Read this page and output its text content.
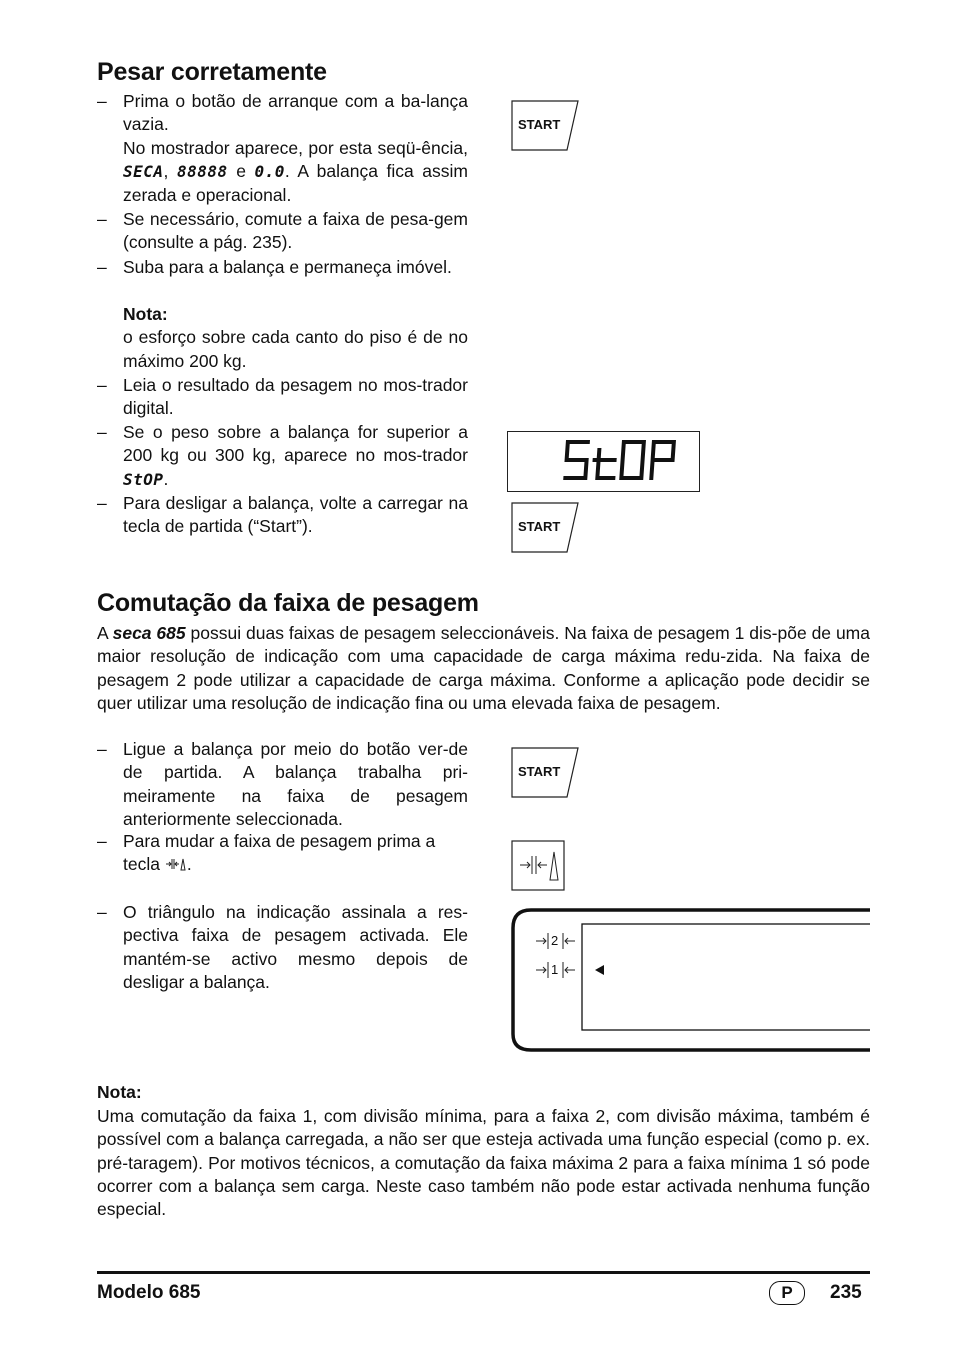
Pesar corretamente
– Prima o botão de arranque com a ba-lança vazia.
No mostrador aparece, por esta seqü-ência, SECA, 88888 e 0.0. A balança fica assim zerada e operacional.
– Se necessário, comute a faixa de pesa-gem (consulte a pág. 235).
– Suba para a balança e permaneça imóvel.
Nota:
o esforço sobre cada canto do piso é de no máximo 200 kg.
– Leia o resultado da pesagem no mos-trador digital.
– Se o peso sobre a balança for superior a 200 kg ou 300 kg, aparece no mos-trador StOP.
– Para desligar a balança, volte a carregar na tecla de partida (“Start”).
START
START
Comutação da faixa de pesagem
A seca 685 possui duas faixas de pesagem seleccionáveis. Na faixa de pesagem 1 dis-põe de uma maior resolução de indicação com uma capacidade de carga máxima redu-zida. Na faixa de pesagem 2 pode utilizar a capacidade de carga máxima. Conforme a aplicação pode decidir se quer utilizar uma resolução de indicação fina ou uma elevada faixa de pesagem.
– Ligue a balança por meio do botão ver-de de partida. A balança trabalha pri-meiramente na faixa de pesagem anteriormente seleccionada.
– Para mudar a faixa de pesagem prima a tecla .
– O triângulo na indicação assinala a res-pectiva faixa de pesagem activada. Ele mantém-se activo mesmo depois de desligar a balança.
START
2
1
Nota:
Uma comutação da faixa 1, com divisão mínima, para a faixa 2, com divisão máxima, também é possível com a balança carregada, a não ser que esteja activada uma função especial (como p. ex. pré-taragem). Por motivos técnicos, a comutação da faixa máxima 2 para a faixa mínima 1 só pode ocorrer com a balança sem carga. Neste caso também não pode estar activada nenhuma função especial.
Modelo 685	P	235
